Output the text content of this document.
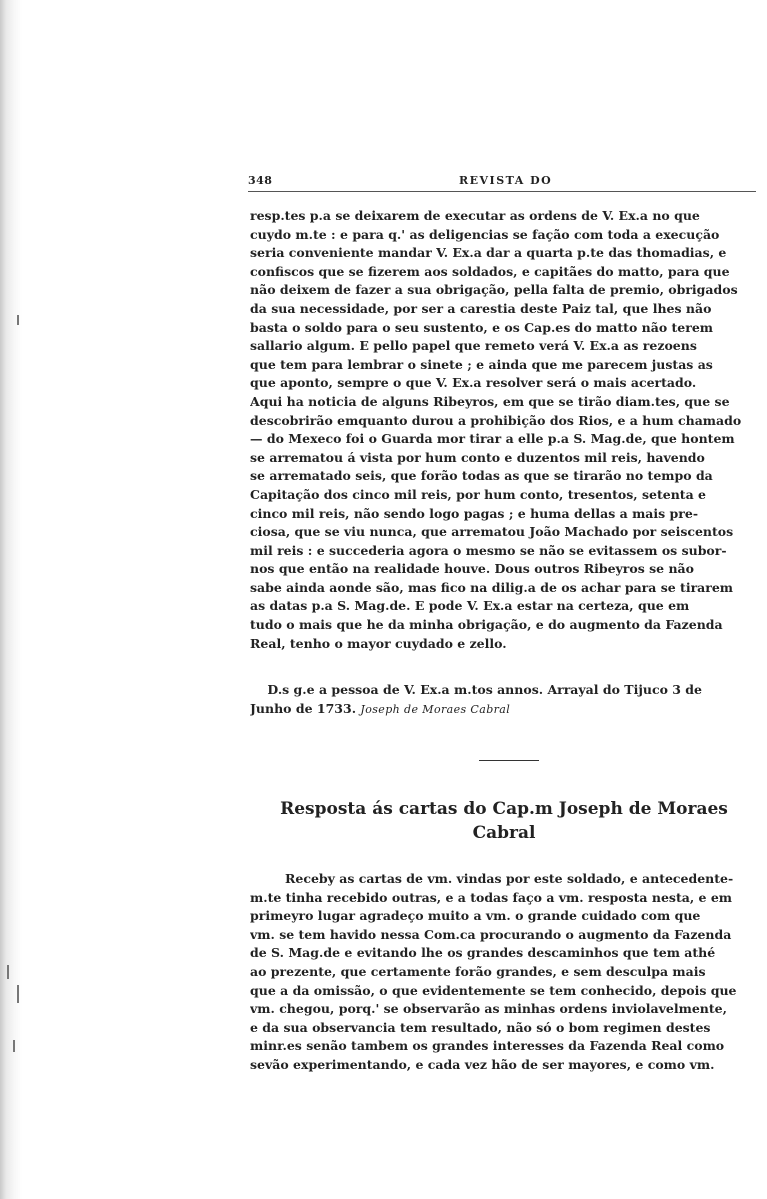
348	REVISTA DO
resp.tes p.a se deixarem de executar as ordens de V. Ex.a no que
cuydo m.te : e para q.' as deligencias se fação com toda a execução
seria conveniente mandar V. Ex.a dar a quarta p.te das thomadias, e
confiscos que se fizerem aos soldados, e capitães do matto, para que
não deixem de fazer a sua obrigação, pella falta de premio, obrigados
da sua necessidade, por ser a carestia deste Paiz tal, que lhes não
basta o soldo para o seu sustento, e os Cap.es do matto não terem
sallario algum. E pello papel que remeto verá V. Ex.a as rezoens
que tem para lembrar o sinete ; e ainda que me parecem justas as
que aponto, sempre o que V. Ex.a resolver será o mais acertado.
Aqui ha noticia de alguns Ribeyros, em que se tirão diam.tes, que se
descobrirão emquanto durou a prohibição dos Rios, e a hum chamado
— do Mexeco foi o Guarda mor tirar a elle p.a S. Mag.de, que hontem
se arrematou á vista por hum conto e duzentos mil reis, havendo
se arrematado seis, que forão todas as que se tirarão no tempo da
Capitação dos cinco mil reis, por hum conto, tresentos, setenta e
cinco mil reis, não sendo logo pagas ; e huma dellas a mais pre-
ciosa, que se viu nunca, que arrematou João Machado por seiscentos
mil reis : e succederia agora o mesmo se não se evitassem os subor-
nos que então na realidade houve. Dous outros Ribeyros se não
sabe ainda aonde são, mas fico na dilig.a de os achar para se tirarem
as datas p.a S. Mag.de. E pode V. Ex.a estar na certeza, que em
tudo o mais que he da minha obrigação, e do augmento da Fazenda
Real, tenho o mayor cuydado e zello.
D.s g.e a pessoa de V. Ex.a m.tos annos. Arrayal do Tijuco 3 de
Junho de 1733. Joseph de Moraes Cabral
Resposta ás cartas do Cap.m Joseph de Moraes
Cabral
Receby as cartas de vm. vindas por este soldado, e antecedente-
m.te tinha recebido outras, e a todas faço a vm. resposta nesta, e em
primeyro lugar agradeço muito a vm. o grande cuidado com que
vm. se tem havido nessa Com.ca procurando o augmento da Fazenda
de S. Mag.de e evitando lhe os grandes descaminhos que tem athé
ao prezente, que certamente forão grandes, e sem desculpa mais
que a da omissão, o que evidentemente se tem conhecido, depois que
vm. chegou, porq.' se observarão as minhas ordens inviolavelmente,
e da sua observancia tem resultado, não só o bom regimen destes
minr.es senão tambem os grandes interesses da Fazenda Real como
sevão experimentando, e cada vez hão de ser mayores, e como vm.
